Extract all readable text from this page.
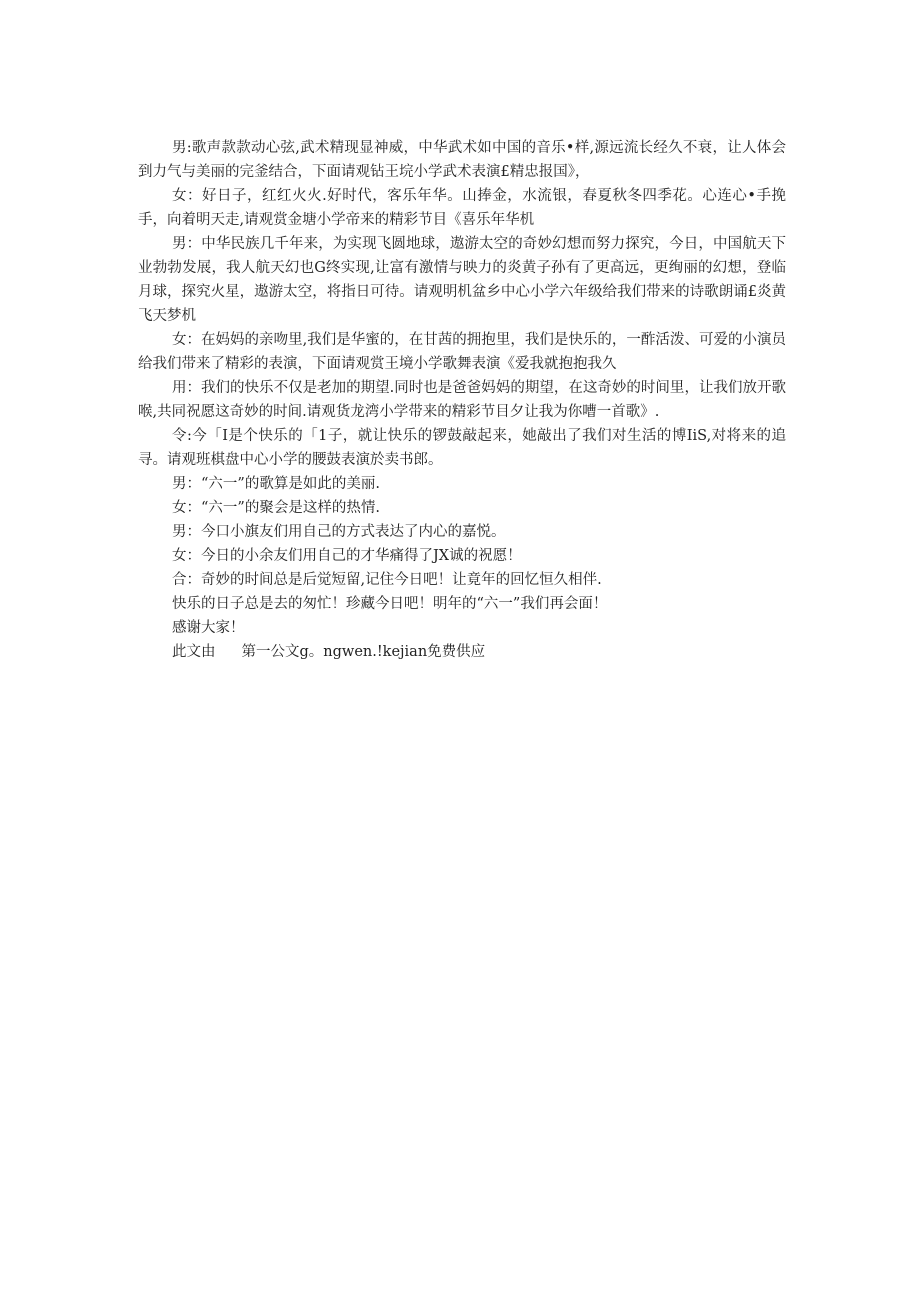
男:歌声款款动心弦,武术精现显神威，中华武术如中国的音乐•样,源远流长经久不衰，让人体会到力气与美丽的完釜结合，下面请观钻王垸小学武术表演£精忠报国》，

女：好日子，红红火火.好时代，客乐年华。山捧金，水流银，春夏秋冬四季花。心连心•手挽手，向着明天走,请观赏金塘小学帝来的精彩节目《喜乐年华机

男：中华民族几千年来，为实现飞圆地球，遨游太空的奇妙幻想而努力探究，今日，中国航天下业勃勃发展，我人航天幻也G终实现,让富有激情与映力的炎黄子孙有了更高远，更绚丽的幻想，登临月球，探究火星，遨游太空，将指日可待。请观明机盆乡中心小学六年级给我们带来的诗歌朗诵£炎黄飞天梦机

女：在妈妈的亲吻里,我们是华蜜的，在甘茜的拥抱里，我们是快乐的，一酢活泼、可爱的小演员给我们带来了精彩的表演，下面请观赏王境小学歌舞表演《爱我就抱抱我久

用：我们的快乐不仅是老加的期望.同时也是爸爸妈妈的期望，在这奇妙的时间里，让我们放开歌喉,共同祝愿这奇妙的时间.请观货龙湾小学带来的精彩节目夕让我为你嘈一首歌》.

令:今「I是个快乐的「1子，就让快乐的锣鼓敲起来，她敲出了我们对生活的博IiS,对将来的追寻。请观班棋盘中心小学的腰鼓表演於卖书郎。

男：“六一”的歌算是如此的美丽.

女：“六一”的聚会是这样的热情.

男：今口小旗友们用自己的方式表达了内心的嘉悦。

女：今日的小余友们用自己的才华痛得了JX诚的祝愿！

合：奇妙的时间总是后觉短留,记住今日吧！让竟年的回忆恒久相伴.

快乐的日子总是去的匆忙！珍藏今日吧！明年的“六一”我们再会面！

感谢大家！

此文由 第一公文g。ngwen.!kejian免费供应
